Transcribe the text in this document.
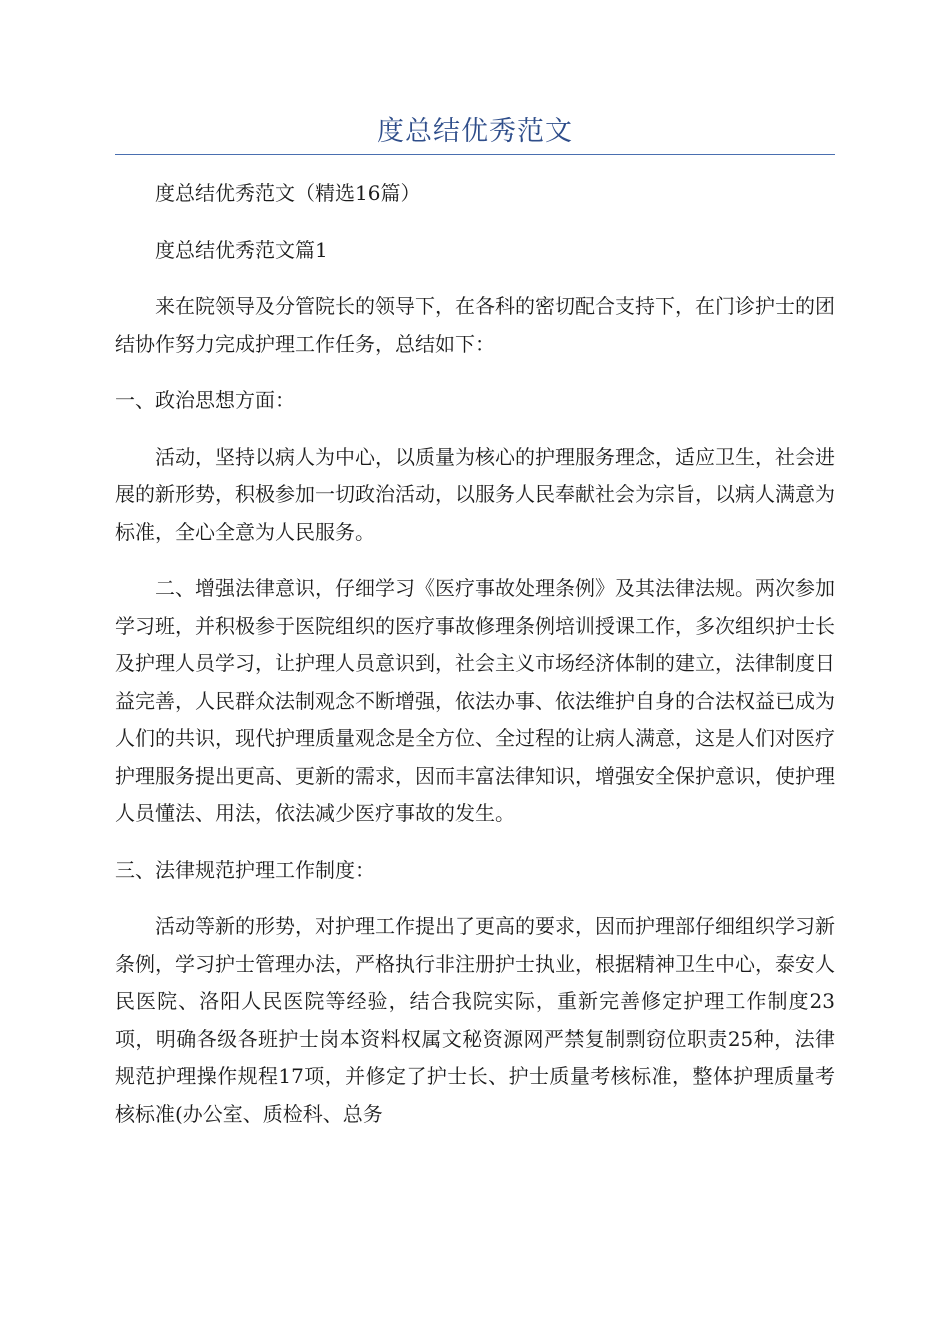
度总结优秀范文

度总结优秀范文（精选16篇）

度总结优秀范文篇1

来在院领导及分管院长的领导下，在各科的密切配合支持下，在门诊护士的团结协作努力完成护理工作任务，总结如下：

一、政治思想方面：

活动，坚持以病人为中心，以质量为核心的护理服务理念，适应卫生，社会进展的新形势，积极参加一切政治活动，以服务人民奉献社会为宗旨，以病人满意为标准，全心全意为人民服务。

二、增强法律意识，仔细学习《医疗事故处理条例》及其法律法规。两次参加学习班，并积极参于医院组织的医疗事故修理条例培训授课工作，多次组织护士长及护理人员学习，让护理人员意识到，社会主义市场经济体制的建立，法律制度日益完善，人民群众法制观念不断增强，依法办事、依法维护自身的合法权益已成为人们的共识，现代护理质量观念是全方位、全过程的让病人满意，这是人们对医疗护理服务提出更高、更新的需求，因而丰富法律知识，增强安全保护意识，使护理人员懂法、用法，依法减少医疗事故的发生。

三、法律规范护理工作制度：

活动等新的形势，对护理工作提出了更高的要求，因而护理部仔细组织学习新条例，学习护士管理办法，严格执行非注册护士执业，根据精神卫生中心，泰安人民医院、洛阳人民医院等经验，结合我院实际，重新完善修定护理工作制度23项，明确各级各班护士岗本资料权属文秘资源网严禁复制剽窃位职责25种，法律规范护理操作规程17项，并修定了护士长、护士质量考核标准，整体护理质量考核标准(办公室、质检科、总务
